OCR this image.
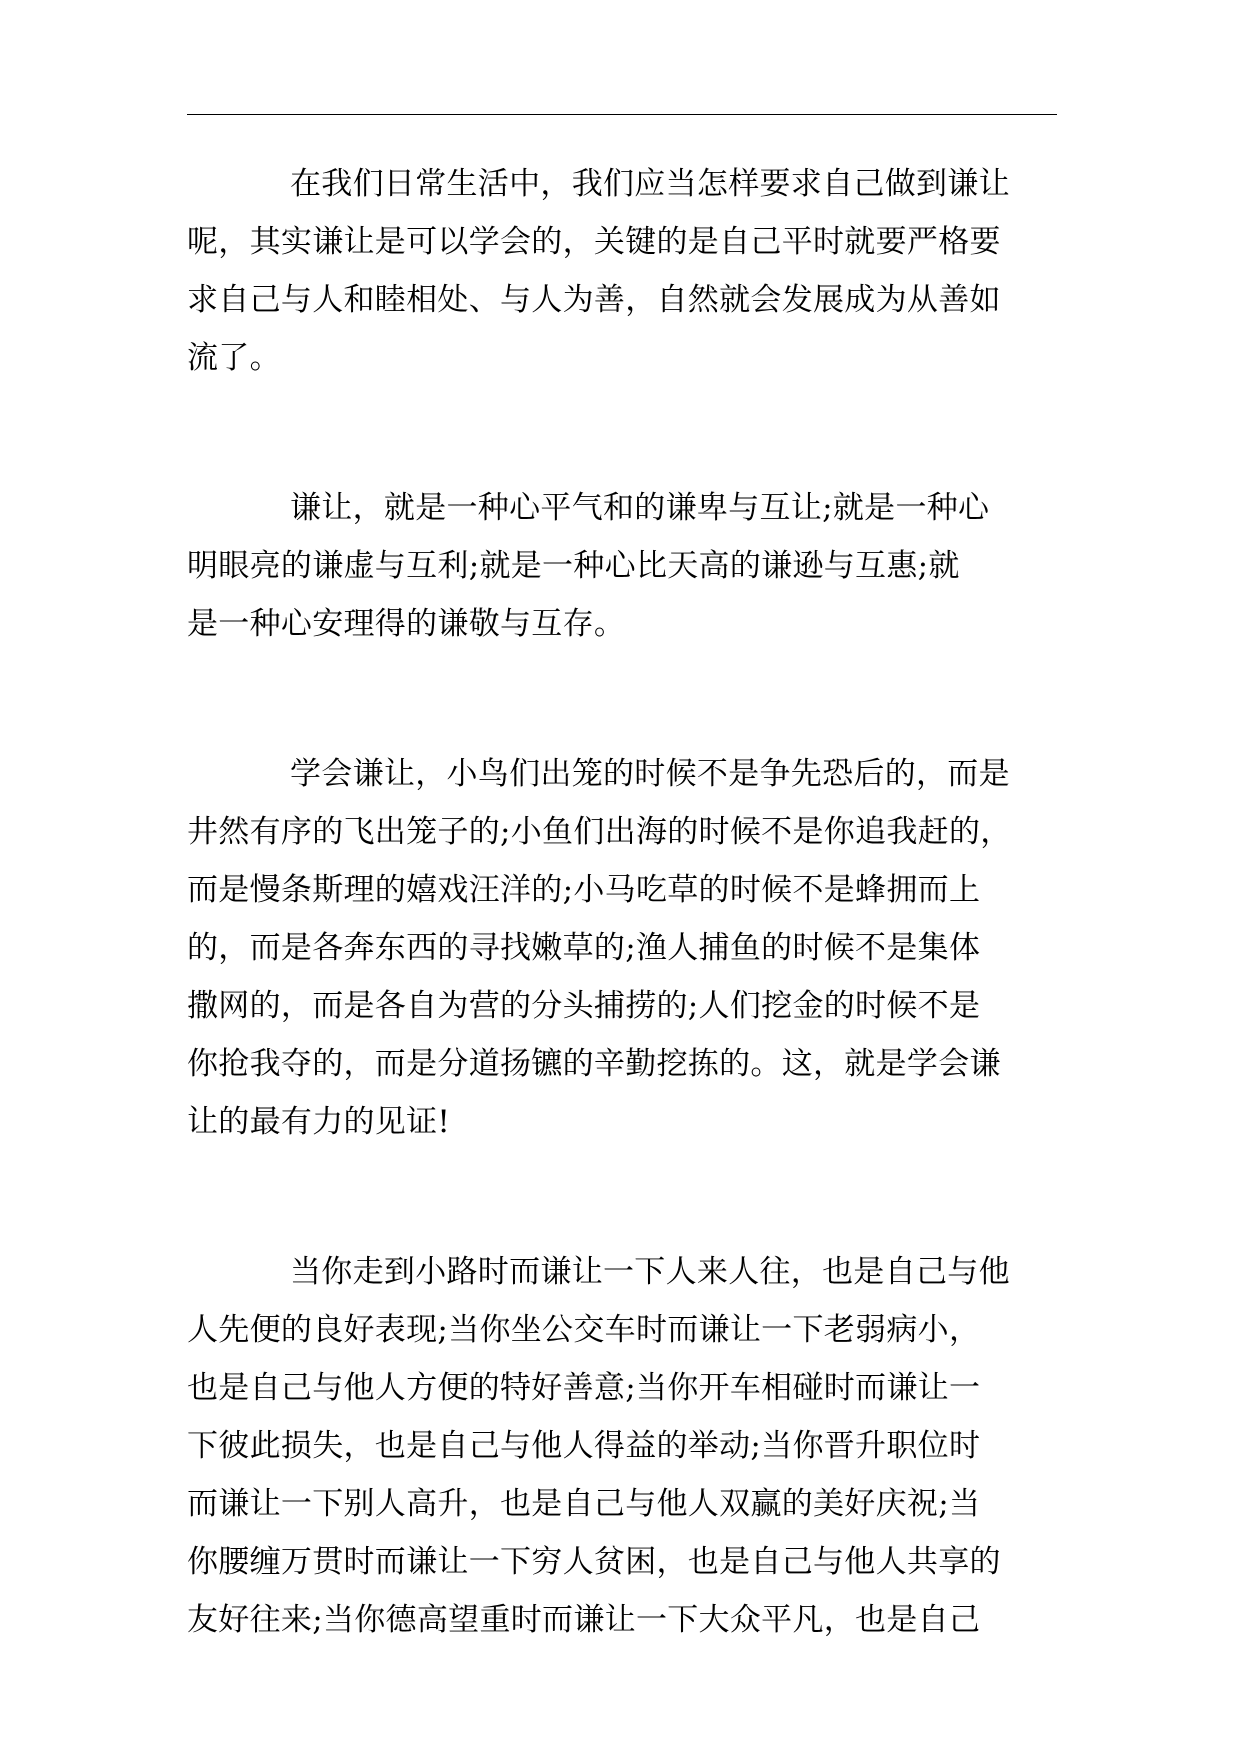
在我们日常生活中，我们应当怎样要求自己做到谦让
呢，其实谦让是可以学会的，关键的是自己平时就要严格要
求自己与人和睦相处、与人为善，自然就会发展成为从善如
流了。
谦让，就是一种心平气和的谦卑与互让;就是一种心
明眼亮的谦虚与互利;就是一种心比天高的谦逊与互惠;就
是一种心安理得的谦敬与互存。
学会谦让，小鸟们出笼的时候不是争先恐后的，而是
井然有序的飞出笼子的;小鱼们出海的时候不是你追我赶的，
而是慢条斯理的嬉戏汪洋的;小马吃草的时候不是蜂拥而上
的，而是各奔东西的寻找嫩草的;渔人捕鱼的时候不是集体
撒网的，而是各自为营的分头捕捞的;人们挖金的时候不是
你抢我夺的，而是分道扬镳的辛勤挖拣的。这，就是学会谦
让的最有力的见证!
当你走到小路时而谦让一下人来人往，也是自己与他
人先便的良好表现;当你坐公交车时而谦让一下老弱病小，
也是自己与他人方便的特好善意;当你开车相碰时而谦让一
下彼此损失，也是自己与他人得益的举动;当你晋升职位时
而谦让一下别人高升，也是自己与他人双赢的美好庆祝;当
你腰缠万贯时而谦让一下穷人贫困，也是自己与他人共享的
友好往来;当你德高望重时而谦让一下大众平凡，也是自己
